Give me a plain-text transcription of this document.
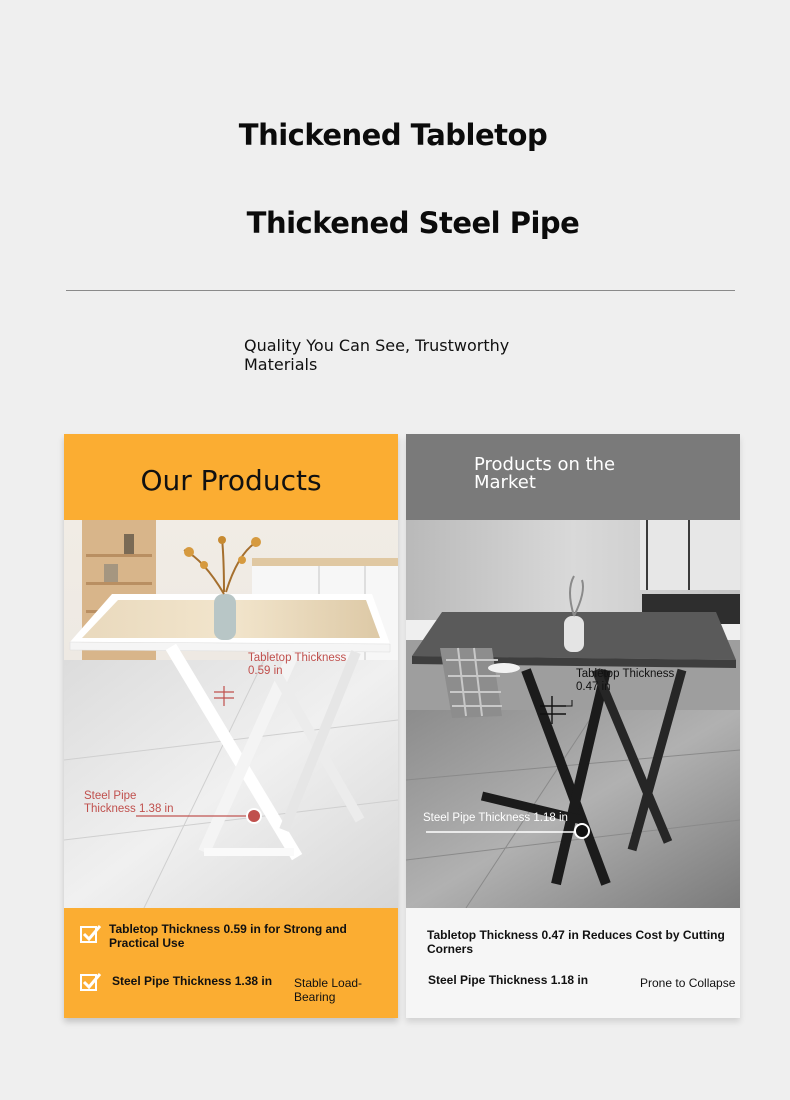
Thickened Tabletop
Thickened Steel Pipe
Quality You Can See, Trustworthy Materials
Our Products
Tabletop Thickness
0.59 in
Steel Pipe
Thickness 1.38 in
Tabletop Thickness 0.59 in for Strong and Practical Use
Steel Pipe Thickness 1.38 in Stable Load-Bearing
Products on the Market
Tabletop Thickness
0.47 in
Steel Pipe Thickness 1.18 in
Tabletop Thickness 0.47 in Reduces Cost by Cutting Corners
Steel Pipe Thickness 1.18 in	Prone to Collapse
